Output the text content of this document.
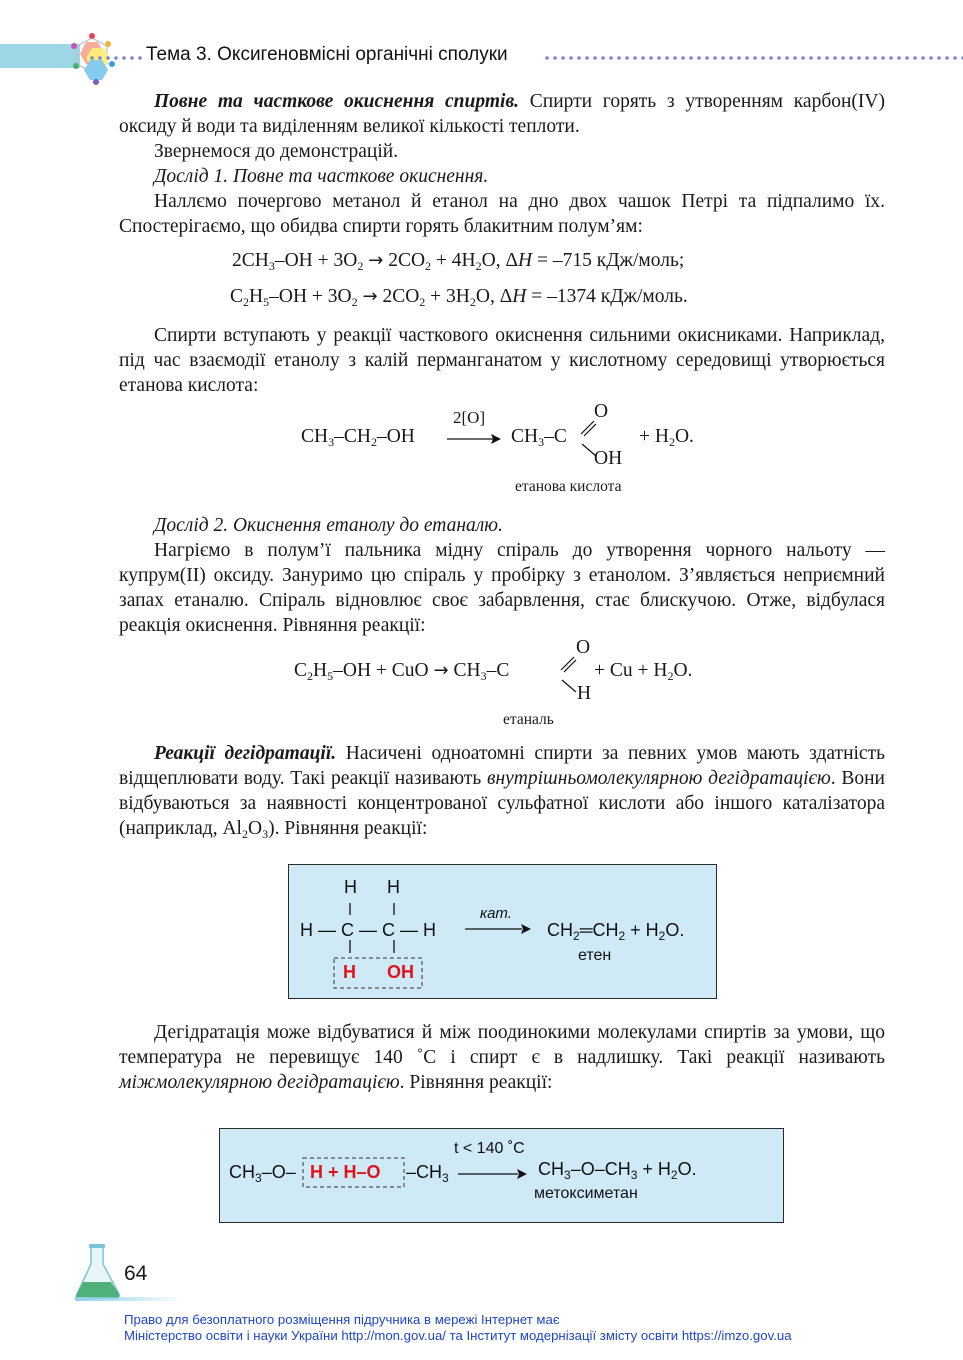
Тема 3. Оксигеновмісні органічні сполуки

Повне та часткове окиснення спиртів. Спирти горять з утворенням карбон(IV) оксиду й води та виділенням великої кількості теплоти.

Звернемося до демонстрацій.

Дослід 1. Повне та часткове окиснення.

Наллємо почергово метанол й етанол на дно двох чашок Петрі та підпалимо їх. Спостерігаємо, що обидва спирти горять блакитним полум’ям:

$2CH_3-OH + 3O_2 \to 2CO_2 + 4H_2O$, ΔH = –715 кДж/моль;
$C_2H_5-OH + 3O_2 \to 2CO_2 + 3H_2O$, ΔH = –1374 кДж/моль.

Спирти вступають у реакції часткового окиснення сильними окисниками. Наприклад, під час взаємодії етанолу з калій перманганатом у кислотному середовищі утворюється етанова кислота:

$CH_3-CH_2-OH$
2[O]
→ $CH_3-C$
O
OH
+ $H_2O$.
етанова кислота

Дослід 2. Окиснення етанолу до етаналю.

Нагріємо в полум’ї пальника мідну спіраль до утворення чорного нальоту — купрум(II) оксиду. Зануримо цю спіраль у пробірку з етанолом. З’являється неприємний запах етаналю. Спіраль відновлює своє забарвлення, стає блискучою. Отже, відбулася реакція окиснення. Рівняння реакції:

$C_2H_5-OH$ + CuO → $CH_3-C$
O
H
+ $Cu + H_2O$.
етаналь

Реакції дегідратації. Насичені одноатомні спирти за певних умов мають здатність відщеплювати воду. Такі реакції називають внутрішньомолекулярною дегідратацією. Вони відбуваються за наявності концентрованої сульфатної кислоти або іншого каталізатора (наприклад, $Al_2O_3$). Рівняння реакції:

H H
H — C — C — H
H OH
кат.
$CH_2═CH_2 + H_2O$.
етен

Дегідратація може відбуватися й між поодинокими молекулами спиртів за умови, що температура не перевищує 140 ˚С і спирт є в надлишку. Такі реакції називають міжмолекулярною дегідратацією. Рівняння реакції:

$CH_3-O-$ H + H–O $-CH_3$
t < 140 ˚C
$CH_3-O-CH_3 + H_2O$.
метоксиметан
64
Право для безоплатного розміщення підручника в мережі Інтернет має
Міністерство освіти і науки України http://mon.gov.ua/ та Інститут модернізації змісту освіти https://imzo.gov.ua
